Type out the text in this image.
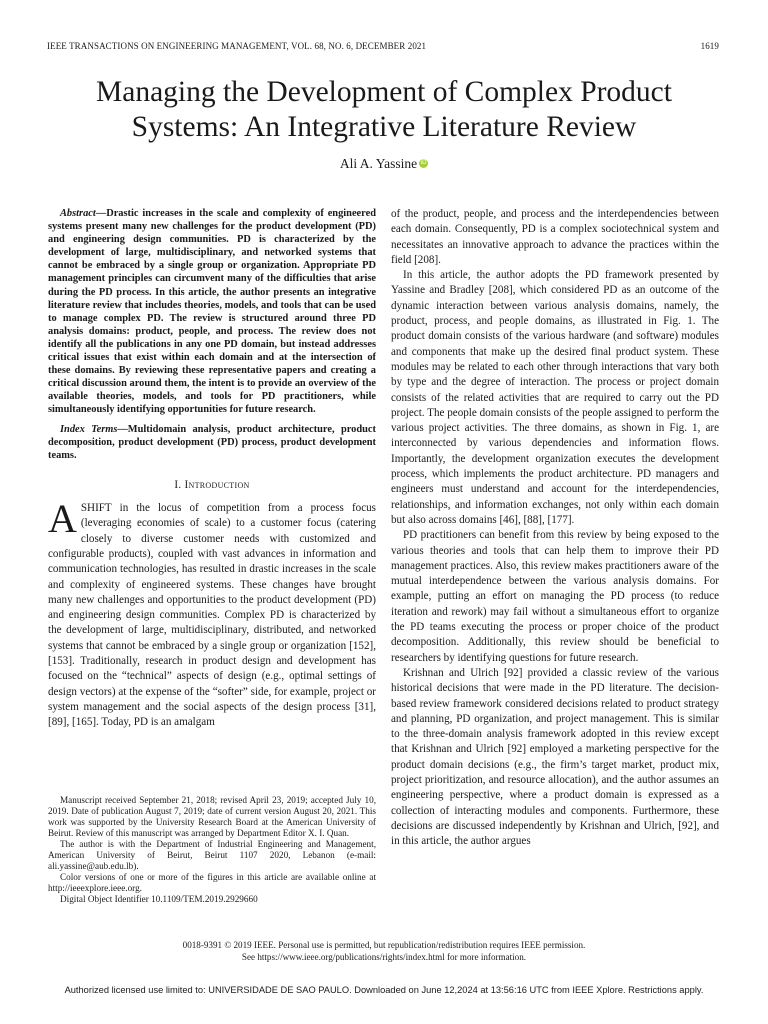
IEEE TRANSACTIONS ON ENGINEERING MANAGEMENT, VOL. 68, NO. 6, DECEMBER 2021	1619
Managing the Development of Complex Product Systems: An Integrative Literature Review
Ali A. Yassine iD

Abstract—Drastic increases in the scale and complexity of engineered systems present many new challenges for the product development (PD) and engineering design communities. PD is characterized by the development of large, multidisciplinary, and networked systems that cannot be embraced by a single group or organization. Appropriate PD management principles can circumvent many of the difficulties that arise during the PD process. In this article, the author presents an integrative literature review that includes theories, models, and tools that can be used to manage complex PD. The review is structured around three PD analysis domains: product, people, and process. The review does not identify all the publications in any one PD domain, but instead addresses critical issues that exist within each domain and at the intersection of these domains. By reviewing these representative papers and creating a critical discussion around them, the intent is to provide an overview of the available theories, models, and tools for PD practitioners, while simultaneously identifying opportunities for future research.

Index Terms—Multidomain analysis, product architecture, product decomposition, product development (PD) process, product development teams.

I. Introduction

A SHIFT in the locus of competition from a process focus (leveraging economies of scale) to a customer focus (catering closely to diverse customer needs with customized and configurable products), coupled with vast advances in information and communication technologies, has resulted in drastic increases in the scale and complexity of engineered systems. These changes have brought many new challenges and opportunities to the product development (PD) and engineering design communities. Complex PD is characterized by the development of large, multidisciplinary, distributed, and networked systems that cannot be embraced by a single group or organization [152], [153]. Traditionally, research in product design and development has focused on the “technical” aspects of design (e.g., optimal settings of design vectors) at the expense of the “softer” side, for example, project or system management and the social aspects of the design process [31], [89], [165]. Today, PD is an amalgam

Manuscript received September 21, 2018; revised April 23, 2019; accepted July 10, 2019. Date of publication August 7, 2019; date of current version August 20, 2021. This work was supported by the University Research Board at the American University of Beirut. Review of this manuscript was arranged by Department Editor X. I. Quan.

The author is with the Department of Industrial Engineering and Management, American University of Beirut, Beirut 1107 2020, Lebanon (e-mail: ali.yassine@aub.edu.lb).

Color versions of one or more of the figures in this article are available online at http://ieeexplore.ieee.org.

Digital Object Identifier 10.1109/TEM.2019.2929660

of the product, people, and process and the interdependencies between each domain. Consequently, PD is a complex sociotechnical system and necessitates an innovative approach to advance the practices within the field [208].

In this article, the author adopts the PD framework presented by Yassine and Bradley [208], which considered PD as an outcome of the dynamic interaction between various analysis domains, namely, the product, process, and people domains, as illustrated in Fig. 1. The product domain consists of the various hardware (and software) modules and components that make up the desired final product system. These modules may be related to each other through interactions that vary both by type and the degree of interaction. The process or project domain consists of the related activities that are required to carry out the PD project. The people domain consists of the people assigned to perform the various project activities. The three domains, as shown in Fig. 1, are interconnected by various dependencies and information flows. Importantly, the development organization executes the development process, which implements the product architecture. PD managers and engineers must understand and account for the interdependencies, relationships, and information exchanges, not only within each domain but also across domains [46], [88], [177].

PD practitioners can benefit from this review by being exposed to the various theories and tools that can help them to improve their PD management practices. Also, this review makes practitioners aware of the mutual interdependence between the various analysis domains. For example, putting an effort on managing the PD process (to reduce iteration and rework) may fail without a simultaneous effort to organize the PD teams executing the process or proper choice of the product decomposition. Additionally, this review should be beneficial to researchers by identifying questions for future research.

Krishnan and Ulrich [92] provided a classic review of the various historical decisions that were made in the PD literature. The decision-based review framework considered decisions related to product strategy and planning, PD organization, and project management. This is similar to the three-domain analysis framework adopted in this review except that Krishnan and Ulrich [92] employed a marketing perspective for the product domain decisions (e.g., the firm’s target market, product mix, project prioritization, and resource allocation), and the author assumes an engineering perspective, where a product domain is expressed as a collection of interacting modules and components. Furthermore, these decisions are discussed independently by Krishnan and Ulrich, [92], and in this article, the author argues

0018-9391 © 2019 IEEE. Personal use is permitted, but republication/redistribution requires IEEE permission.
See https://www.ieee.org/publications/rights/index.html for more information.
Authorized licensed use limited to: UNIVERSIDADE DE SAO PAULO. Downloaded on June 12,2024 at 13:56:16 UTC from IEEE Xplore. Restrictions apply.
